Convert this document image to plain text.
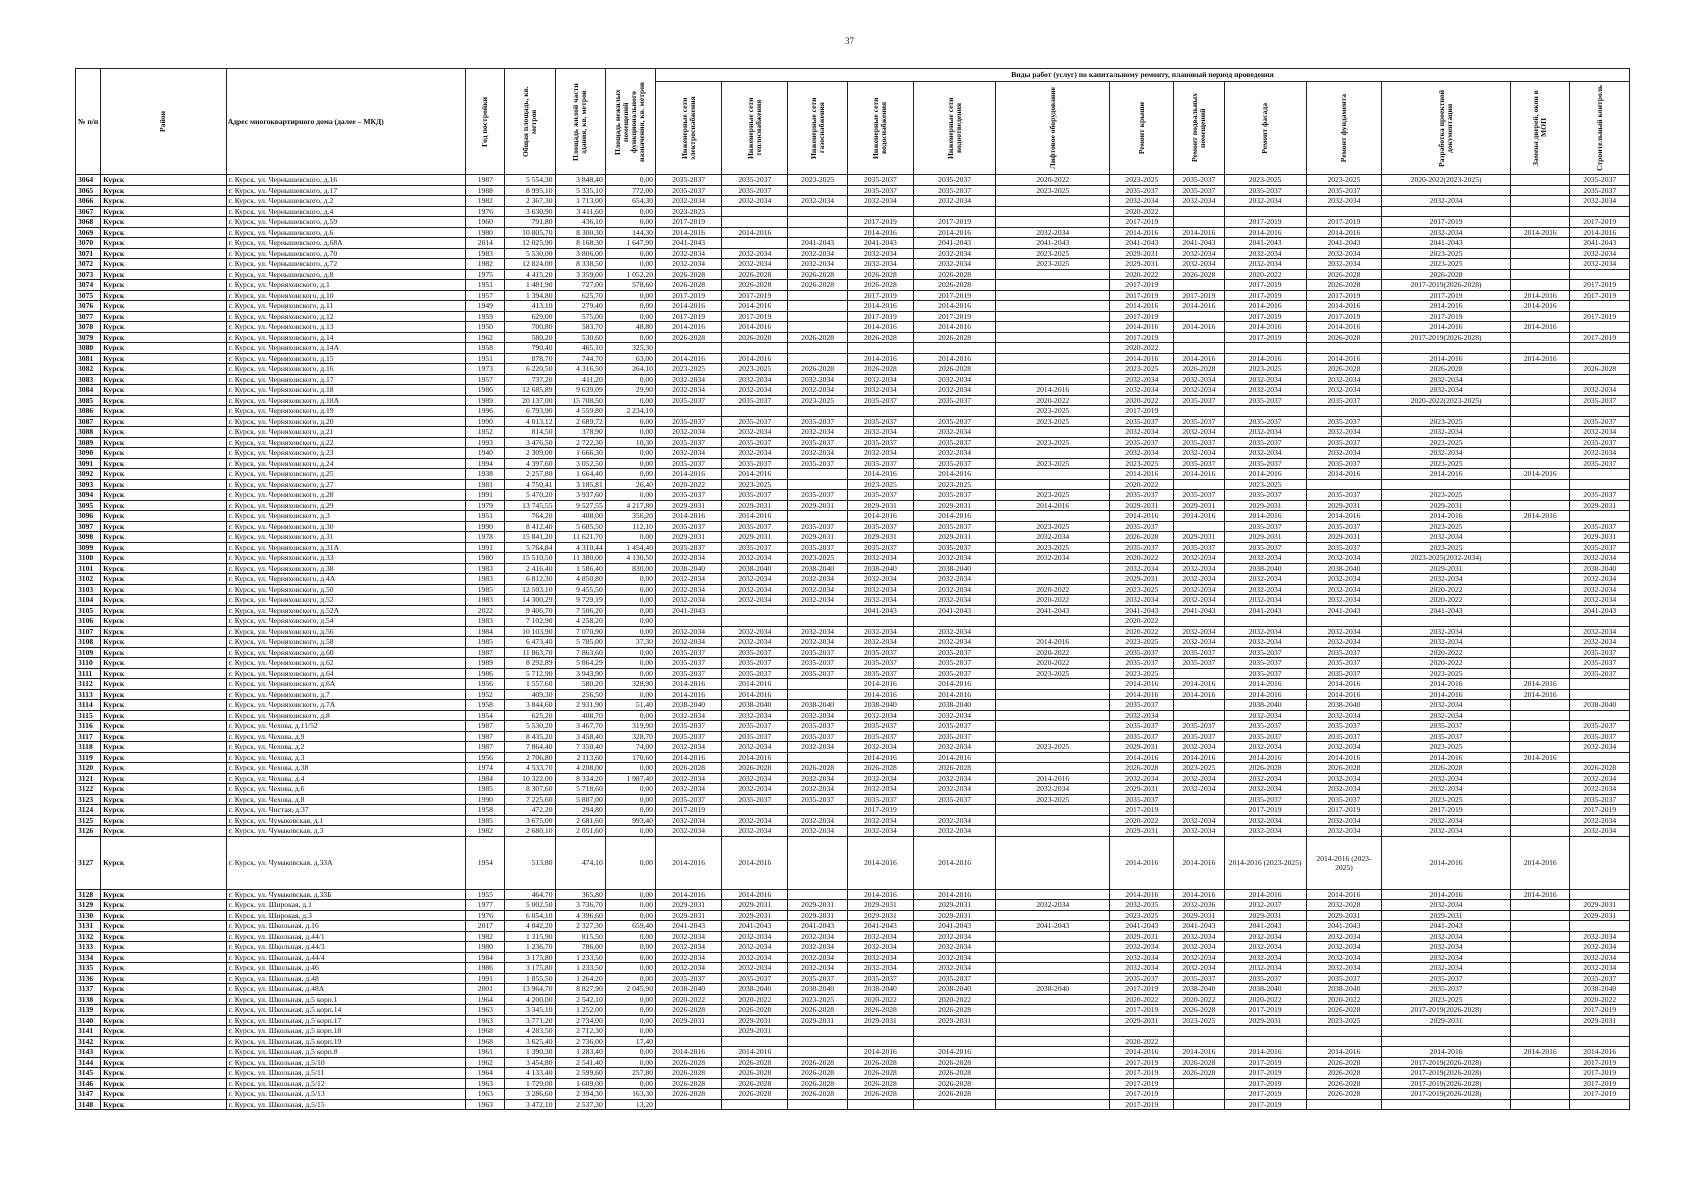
37
№ п/п	Район	Адрес многоквартирного дома (далее – МКД)	Год постройки	Общая площадь, кв. метров	Площадь жилой части здания, кв. метров	Площадь нежилых помещений функционального назначения, кв. метров	Виды работ (услуг) по капитальному ремонту, плановый период проведения												

							Инженерные сети электроснабжения	Инженерные сети теплоснабжения	Инженерные сети газоснабжения	Инженерные сети водоснабжения	Инженерные сети водоотведения	Лифтовое оборудование	Ремонт крыши	Ремонт подвальных помещений	Ремонт фасада	Ремонт фундамента	Разработка проектной документации	Замена дверей, окон в МОП	Строительный контроль

3064	Курск	г. Курск, ул. Чернышевского, д.16	1987	5 554,30	3 848,40	0,00	2035-2037	2035-2037	2023-2025	2035-2037	2035-2037	2020-2022	2023-2025	2035-2037	2023-2025	2023-2025	2020-2022(2023-2025)		2035-2037
3065	Курск	г. Курск, ул. Чернышевского, д.17	1988	8 995,10	5 335,10	772,00	2035-2037	2035-2037		2035-2037	2035-2037	2023-2025	2035-2037	2035-2037	2035-2037	2035-2037			2035-2037
3066	Курск	г. Курск, ул. Чернышевского, д.2	1982	2 367,30	1 713,00	654,30	2032-2034	2032-2034	2032-2034	2032-2034	2032-2034		2032-2034	2032-2034	2032-2034	2032-2034	2032-2034		2032-2034
3067	Курск	г. Курск, ул. Чернышевского, д.4	1976	3 630,90	3 411,60	0,00	2023-2025						2020-2022						
3068	Курск	г. Курск, ул. Чернышевского, д.59	1960	791,80	436,10	0,00	2017-2019			2017-2019	2017-2019		2017-2019		2017-2019	2017-2019	2017-2019		2017-2019
3069	Курск	г. Курск, ул. Чернышевского, д.6	1980	10 805,70	8 300,30	144,30	2014-2016	2014-2016		2014-2016	2014-2016	2032-2034	2014-2016	2014-2016	2014-2016	2014-2016	2032-2034	2014-2016	2014-2016
3070	Курск	г. Курск, ул. Чернышевского, д.68А	2014	12 025,90	8 168,30	1 647,90	2041-2043		2041-2043	2041-2043	2041-2043	2041-2043	2041-2043	2041-2043	2041-2043	2041-2043	2041-2043		2041-2043
3071	Курск	г. Курск, ул. Чернышевского, д.70	1983	5 530,00	3 806,00	0,00	2032-2034	2032-2034	2032-2034	2032-2034	2032-2034	2023-2025	2029-2031	2032-2034	2032-2034	2032-2034	2023-2025		2032-2034
3072	Курск	г. Курск, ул. Чернышевского, д.72	1982	12 824,00	8 338,50	0,00	2032-2034	2032-2034	2032-2034	2032-2034	2032-2034	2023-2025	2029-2031	2032-2034	2032-2034	2032-2034	2023-2025		2032-2034
3073	Курск	г. Курск, ул. Чернышевского, д.8	1975	4 415,20	3 359,00	1 052,20	2026-2028	2026-2028	2026-2028	2026-2028	2026-2028		2020-2022	2026-2028	2020-2022	2026-2028	2026-2028		
3074	Курск	г. Курск, ул. Черняховского, д.1	1951	1 481,90	727,00	578,60	2026-2028	2026-2028	2026-2028	2026-2028	2026-2028		2017-2019		2017-2019	2026-2028	2017-2019(2026-2028)		2017-2019
3075	Курск	г. Курск, ул. Черняховского, д.10	1957	1 394,80	625,70	0,00	2017-2019	2017-2019		2017-2019	2017-2019		2017-2019	2017-2019	2017-2019	2017-2019	2017-2019	2014-2016	2017-2019
3076	Курск	г. Курск, ул. Черняховского, д.11	1949	413,10	279,40	0,00	2014-2016	2014-2016		2014-2016	2014-2016		2014-2016	2014-2016	2014-2016	2014-2016	2014-2016	2014-2016	
3077	Курск	г. Курск, ул. Черняховского, д.12	1959	629,00	575,00	0,00	2017-2019	2017-2019		2017-2019	2017-2019		2017-2019		2017-2019	2017-2019	2017-2019		2017-2019
3078	Курск	г. Курск, ул. Черняховского, д.13	1950	700,80	583,70	48,80	2014-2016	2014-2016		2014-2016	2014-2016		2014-2016	2014-2016	2014-2016	2014-2016	2014-2016	2014-2016	
3079	Курск	г. Курск, ул. Черняховского, д.14	1962	580,20	530,60	0,00	2026-2028	2026-2028	2026-2028	2026-2028	2026-2028		2017-2019		2017-2019	2026-2028	2017-2019(2026-2028)		2017-2019
3080	Курск	г. Курск, ул. Черняховского, д.14А	1958	790,40	465,10	325,30							2020-2022						
3081	Курск	г. Курск, ул. Черняховского, д.15	1951	878,70	744,70	63,00	2014-2016	2014-2016		2014-2016	2014-2016		2014-2016	2014-2016	2014-2016	2014-2016	2014-2016	2014-2016	
3082	Курск	г. Курск, ул. Черняховского, д.16	1973	6 220,50	4 316,50	264,10	2023-2025	2023-2025	2026-2028	2026-2028	2026-2028		2023-2025	2026-2028	2023-2025	2026-2028	2026-2028		2026-2028
3083	Курск	г. Курск, ул. Черняховского, д.17	1957	737,20	411,20	0,00	2032-2034	2032-2034	2032-2034	2032-2034	2032-2034		2032-2034	2032-2034	2032-2034	2032-2034	2032-2034		
3084	Курск	г. Курск, ул. Черняховского, д.18	1986	12 685,89	9 639,09	29,90	2032-2034	2032-2034	2032-2034	2032-2034	2032-2034	2014-2016	2032-2034	2032-2034	2032-2034	2032-2034	2032-2034		2032-2034
3085	Курск	г. Курск, ул. Черняховского, д.18А	1989	20 137,00	15 708,50	0,00	2035-2037	2035-2037	2023-2025	2035-2037	2035-2037	2020-2022	2020-2022	2035-2037	2035-2037	2035-2037	2020-2022(2023-2025)		2035-2037
3086	Курск	г. Курск, ул. Черняховского, д.19	1996	6 793,90	4 559,80	2 234,10						2023-2025	2017-2019						
3087	Курск	г. Курск, ул. Черняховского, д.20	1990	4 013,12	2 689,72	0,00	2035-2037	2035-2037	2035-2037	2035-2037	2035-2037	2023-2025	2035-2037	2035-2037	2035-2037	2035-2037	2023-2025		2035-2037
3088	Курск	г. Курск, ул. Черняховского, д.21	1952	814,50	378,90	0,00	2032-2034	2032-2034	2032-2034	2032-2034	2032-2034		2032-2034	2032-2034	2032-2034	2032-2034	2032-2034		2032-2034
3089	Курск	г. Курск, ул. Черняховского, д.22	1993	3 476,50	2 722,30	10,30	2035-2037	2035-2037	2035-2037	2035-2037	2035-2037	2023-2025	2035-2037	2035-2037	2035-2037	2035-2037	2023-2025		2035-2037
3090	Курск	г. Курск, ул. Черняховского, д.23	1940	2 309,00	1 666,30	0,00	2032-2034	2032-2034	2032-2034	2032-2034	2032-2034		2032-2034	2032-2034	2032-2034	2032-2034	2032-2034		2032-2034
3091	Курск	г. Курск, ул. Черняховского, д.24	1994	4 397,60	3 052,50	0,00	2035-2037	2035-2037	2035-2037	2035-2037	2035-2037	2023-2025	2023-2025	2035-2037	2035-2037	2035-2037	2023-2025		2035-2037
3092	Курск	г. Курск, ул. Черняховского, д.25	1938	2 257,80	1 664,40	0,00	2014-2016	2014-2016		2014-2016	2014-2016		2014-2016	2014-2016	2014-2016	2014-2016	2014-2016	2014-2016	
3093	Курск	г. Курск, ул. Черняховского, д.27	1981	4 750,41	3 185,81	26,40	2020-2022	2023-2025		2023-2025	2023-2025		2020-2022		2023-2025				
3094	Курск	г. Курск, ул. Черняховского, д.28	1991	5 470,20	3 937,60	0,00	2035-2037	2035-2037	2035-2037	2035-2037	2035-2037	2023-2025	2035-2037	2035-2037	2035-2037	2035-2037	2023-2025		2035-2037
3095	Курск	г. Курск, ул. Черняховского, д.29	1979	13 745,55	9 527,55	4 217,80	2029-2031	2029-2031	2029-2031	2029-2031	2029-2031	2014-2016	2029-2031	2029-2031	2029-2031	2029-2031	2029-2031		2029-2031
3096	Курск	г. Курск, ул. Черняховского, д.3	1951	764,20	408,00	356,20	2014-2016	2014-2016		2014-2016	2014-2016		2014-2016	2014-2016	2014-2016	2014-2016	2014-2016	2014-2016	
3097	Курск	г. Курск, ул. Черняховского, д.30	1990	8 412,40	5 605,50	112,10	2035-2037	2035-2037	2035-2037	2035-2037	2035-2037	2023-2025	2035-2037		2035-2037	2035-2037	2023-2025		2035-2037
3098	Курск	г. Курск, ул. Черняховского, д.31	1978	15 841,20	11 621,70	0,00	2029-2031	2029-2031	2029-2031	2029-2031	2029-2031	2032-2034	2026-2028	2029-2031	2029-2031	2029-2031	2032-2034		2029-2031
3099	Курск	г. Курск, ул. Черняховского, д.31А	1991	5 764,84	4 310,44	1 454,40	2035-2037	2035-2037	2035-2037	2035-2037	2035-2037	2023-2025	2035-2037	2035-2037	2035-2037	2035-2037	2023-2025		2035-2037
3100	Курск	г. Курск, ул. Черняховского, д.33	1980	15 510,50	11 380,00	4 130,50	2032-2034	2032-2034	2023-2025	2032-2034	2032-2034	2032-2034	2020-2022	2032-2034	2032-2034	2032-2034	2023-2025(2032-2034)		2032-2034
3101	Курск	г. Курск, ул. Черняховского, д.38	1983	2 416,40	1 586,40	830,00	2038-2040	2038-2040	2038-2040	2038-2040	2038-2040		2032-2034	2032-2034	2038-2040	2038-2040	2029-2031		2038-2040
3102	Курск	г. Курск, ул. Черняховского, д.4А	1983	6 812,30	4 850,80	0,00	2032-2034	2032-2034	2032-2034	2032-2034	2032-2034		2029-2031	2032-2034	2032-2034	2032-2034	2032-2034		2032-2034
3103	Курск	г. Курск, ул. Черняховского, д.50	1985	12 503,10	9 455,50	0,00	2032-2034	2032-2034	2032-2034	2032-2034	2032-2034	2020-2022	2023-2025	2032-2034	2032-2034	2032-2034	2020-2022		2032-2034
3104	Курск	г. Курск, ул. Черняховского, д.52	1983	14 300,29	9 729,19	0,00	2032-2034	2032-2034	2032-2034	2032-2034	2032-2034	2020-2022	2032-2034	2032-2034	2032-2034	2032-2034	2020-2022		2032-2034
3105	Курск	г. Курск, ул. Черняховского, д.52А	2022	9 406,70	7 506,20	0,00	2041-2043			2041-2043	2041-2043	2041-2043	2041-2043	2041-2043	2041-2043	2041-2043	2041-2043		2041-2043
3106	Курск	г. Курск, ул. Черняховского, д.54	1983	7 102,90	4 258,20	0,00							2020-2022						
3107	Курск	г. Курск, ул. Черняховского, д.56	1984	10 103,90	7 070,90	0,00	2032-2034	2032-2034	2032-2034	2032-2034	2032-2034		2020-2022	2032-2034	2032-2034	2032-2034	2032-2034		2032-2034
3108	Курск	г. Курск, ул. Черняховского, д.58	1985	6 473,40	5 785,00	37,30	2032-2034	2032-2034	2032-2034	2032-2034	2032-2034	2014-2016	2023-2025	2032-2034	2032-2034	2032-2034	2032-2034		2032-2034
3109	Курск	г. Курск, ул. Черняховского, д.60	1987	11 863,70	7 863,60	0,00	2035-2037	2035-2037	2035-2037	2035-2037	2035-2037	2020-2022	2035-2037	2035-2037	2035-2037	2035-2037	2020-2022		2035-2037
3110	Курск	г. Курск, ул. Черняховского, д.62	1989	8 292,89	5 864,29	0,00	2035-2037	2035-2037	2035-2037	2035-2037	2035-2037	2020-2022	2035-2037	2035-2037	2035-2037	2035-2037	2020-2022		2035-2037
3111	Курск	г. Курск, ул. Черняховского, д.64	1986	5 712,90	3 943,90	0,00	2035-2037	2035-2037	2035-2037	2035-2037	2035-2037	2023-2025	2023-2025		2035-2037	2035-2037	2023-2025		2035-2037
3112	Курск	г. Курск, ул. Черняховского, д.6А	1956	1 557,60	580,20	328,90	2014-2016	2014-2016		2014-2016	2014-2016		2014-2016	2014-2016	2014-2016	2014-2016	2014-2016	2014-2016	
3113	Курск	г. Курск, ул. Черняховского, д.7	1952	409,30	256,50	0,00	2014-2016	2014-2016		2014-2016	2014-2016		2014-2016	2014-2016	2014-2016	2014-2016	2014-2016	2014-2016	
3114	Курск	г. Курск, ул. Черняховского, д.7А	1958	3 844,60	2 931,90	51,40	2038-2040	2038-2040	2038-2040	2038-2040	2038-2040		2035-2037		2038-2040	2038-2040	2032-2034		2038-2040
3115	Курск	г. Курск, ул. Черняховского, д.8	1954	625,20	408,70	0,00	2032-2034	2032-2034	2032-2034	2032-2034	2032-2034		2032-2034		2032-2034	2032-2034	2032-2034		
3116	Курск	г. Курск, ул. Чехова, д.11/52	1987	5 530,20	3 467,70	319,90	2035-2037	2035-2037	2035-2037	2035-2037	2035-2037		2035-2037	2035-2037	2035-2037	2035-2037	2035-2037		2035-2037
3117	Курск	г. Курск, ул. Чехова, д.9	1987	8 435,20	3 458,40	328,70	2035-2037	2035-2037	2035-2037	2035-2037	2035-2037		2035-2037	2035-2037	2035-2037	2035-2037	2035-2037		2035-2037
3118	Курск	г. Курск, ул. Чехова, д.2	1987	7 864,40	7 350,40	74,00	2032-2034	2032-2034	2032-2034	2032-2034	2032-2034	2023-2025	2029-2031	2032-2034	2032-2034	2032-2034	2023-2025		2032-2034
3119	Курск	г. Курск, ул. Чехова, д.3	1956	2 706,80	2 113,60	170,60	2014-2016	2014-2016		2014-2016	2014-2016		2014-2016	2014-2016	2014-2016	2014-2016	2014-2016	2014-2016	
3120	Курск	г. Курск, ул. Чехова, д.38	1974	4 533,70	4 208,00	0,00	2026-2028	2026-2028	2026-2028	2026-2028	2026-2028		2026-2028	2023-2025	2026-2028	2026-2028	2026-2028		2026-2028
3121	Курск	г. Курск, ул. Чехова, д.4	1984	10 322,00	8 334,20	1 987,40	2032-2034	2032-2034	2032-2034	2032-2034	2032-2034	2014-2016	2032-2034	2032-2034	2032-2034	2032-2034	2032-2034		2032-2034
3122	Курск	г. Курск, ул. Чехова, д.6	1985	8 307,60	5 718,60	0,00	2032-2034	2032-2034	2032-2034	2032-2034	2032-2034	2032-2034	2029-2031	2032-2034	2032-2034	2032-2034	2032-2034		2032-2034
3123	Курск	г. Курск, ул. Чехова, д.8	1990	7 225,60	5 807,00	0,00	2035-2037	2035-2037	2035-2037	2035-2037	2035-2037	2023-2025	2035-2037		2035-2037	2035-2037	2023-2025		2035-2037
3124	Курск	г. Курск, ул. Чистая, д.37	1958	472,20	294,80	0,00	2017-2019			2017-2019			2017-2019		2017-2019	2017-2019	2017-2019		2017-2019
3125	Курск	г. Курск, ул. Чумаковская, д.1	1985	3 675,00	2 681,60	993,40	2032-2034	2032-2034	2032-2034	2032-2034	2032-2034		2020-2022	2032-2034	2032-2034	2032-2034	2032-2034		2032-2034
3126	Курск	г. Курск, ул. Чумаковская, д.3	1982	2 680,10	2 051,60	0,00	2032-2034	2032-2034	2032-2034	2032-2034	2032-2034		2029-2031	2032-2034	2032-2034	2032-2034	2032-2034		2032-2034
3127	Курск	г. Курск, ул. Чумаковская, д.33А	1954	513,80	474,10	0,00	2014-2016	2014-2016		2014-2016	2014-2016		2014-2016	2014-2016	2014-2016 (2023-2025)	2014-2016 (2023-2025)	2014-2016	2014-2016	
3128	Курск	г. Курск, ул. Чумаковская, д.33Б	1955	464,70	365,80	0,00	2014-2016	2014-2016		2014-2016	2014-2016		2014-2016	2014-2016	2014-2016	2014-2016	2014-2016	2014-2016	
3129	Курск	г. Курск, ул. Широкая, д.1	1977	5 002,50	3 736,70	0,00	2029-2031	2029-2031	2029-2031	2029-2031	2029-2031	2032-2034	2032-2035	2032-2036	2032-2037	2032-2028	2032-2034		2029-2031
3130	Курск	г. Курск, ул. Широкая, д.3	1976	6 054,10	4 396,60	0,00	2029-2031	2029-2031	2029-2031	2029-2031	2029-2031		2023-2025	2029-2031	2029-2031	2029-2031	2029-2031		2029-2031
3131	Курск	г. Курск, ул. Школьная, д.16	2017	4 042,20	2 327,30	659,40	2041-2043	2041-2043	2041-2043	2041-2043	2041-2043	2041-2043	2041-2043	2041-2043	2041-2043	2041-2043	2041-2043		
3132	Курск	г. Курск, ул. Школьная, д.44/1	1982	1 315,90	815,50	0,00	2032-2034	2032-2034	2032-2034	2032-2034	2032-2034		2029-2031	2032-2034	2032-2034	2032-2034	2032-2034		2032-2034
3133	Курск	г. Курск, ул. Школьная, д.44/3	1980	1 236,70	786,00	0,00	2032-2034	2032-2034	2032-2034	2032-2034	2032-2034		2032-2034	2032-2034	2032-2034	2032-2034	2032-2034		2032-2034
3134	Курск	г. Курск, ул. Школьная, д.44/4	1984	3 175,80	1 233,50	0,00	2032-2034	2032-2034	2032-2034	2032-2034	2032-2034		2032-2034	2032-2034	2032-2034	2032-2034	2032-2034		2032-2034
3135	Курск	г. Курск, ул. Школьная, д.46	1986	3 175,80	1 233,50	0,00	2032-2034	2032-2034	2032-2034	2032-2034	2032-2034		2032-2034	2032-2034	2032-2034	2032-2034	2032-2034		2032-2034
3136	Курск	г. Курск, ул. Школьная, д.48	1991	1 855,50	1 264,20	0,00	2035-2037	2035-2037	2035-2037	2035-2037	2035-2037		2035-2037	2035-2037	2035-2037	2035-2037	2035-2037		2035-2037
3137	Курск	г. Курск, ул. Школьная, д.48А	2001	13 964,70	8 827,90	2 045,90	2038-2040	2038-2040	2038-2040	2038-2040	2038-2040	2038-2040	2017-2019	2038-2040	2038-2040	2038-2040	2035-2037		2038-2040
3138	Курск	г. Курск, ул. Школьная, д.5 корп.1	1964	4 200,00	2 542,10	0,00	2020-2022	2020-2022	2023-2025	2020-2022	2020-2022		2020-2022	2020-2022	2020-2022	2020-2022	2023-2025		2020-2022
3139	Курск	г. Курск, ул. Школьная, д.5 корп.14	1963	3 345,10	1 252,00	0,00	2026-2028	2026-2028	2026-2028	2026-2028	2026-2028		2017-2019	2026-2028	2017-2019	2026-2028	2017-2019(2026-2028)		2017-2019
3140	Курск	г. Курск, ул. Школьная, д.5 корп.17	1963	3 771,20	2 734,00	0,00	2029-2031	2029-2031	2029-2031	2029-2031	2029-2031		2029-2031	2023-2025	2029-2031	2023-2025	2029-2031		2029-2031
3141	Курск	г. Курск, ул. Школьная, д.5 корп.18	1968	4 283,50	2 712,30	0,00		2029-2031											
3142	Курск	г. Курск, ул. Школьная, д.5 корп.19	1968	3 625,40	2 736,00	17,40							2020-2022						
3143	Курск	г. Курск, ул. Школьная, д.5 корп.8	1961	1 390,30	1 283,40	0,00	2014-2016	2014-2016		2014-2016	2014-2016		2014-2016	2014-2016	2014-2016	2014-2016	2014-2016	2014-2016	2014-2016
3144	Курск	г. Курск, ул. Школьная, д.5/10	1962	3 454,80	2 541,40	0,00	2026-2028	2026-2028	2026-2028	2026-2028	2026-2028		2017-2019	2026-2028	2017-2019	2026-2028	2017-2019(2026-2028)		2017-2019
3145	Курск	г. Курск, ул. Школьная, д.5/11	1964	4 133,40	2 599,60	257,80	2026-2028	2026-2028	2026-2028	2026-2028	2026-2028		2017-2019	2026-2028	2017-2019	2026-2028	2017-2019(2026-2028)		2017-2019
3146	Курск	г. Курск, ул. Школьная, д.5/12	1963	1 729,00	1 609,00	0,00	2026-2028	2026-2028	2026-2028	2026-2028	2026-2028		2017-2019		2017-2019	2026-2028	2017-2019(2026-2028)		2017-2019
3147	Курск	г. Курск, ул. Школьная, д.5/13	1963	3 286,60	2 394,30	163,30	2026-2028	2026-2028	2026-2028	2026-2028	2026-2028		2017-2019		2017-2019	2026-2028	2017-2019(2026-2028)		2017-2019
3148	Курск	г. Курск, ул. Школьная, д.5/15	1963	3 472,10	2 537,30	13,20							2017-2019		2017-2019				
